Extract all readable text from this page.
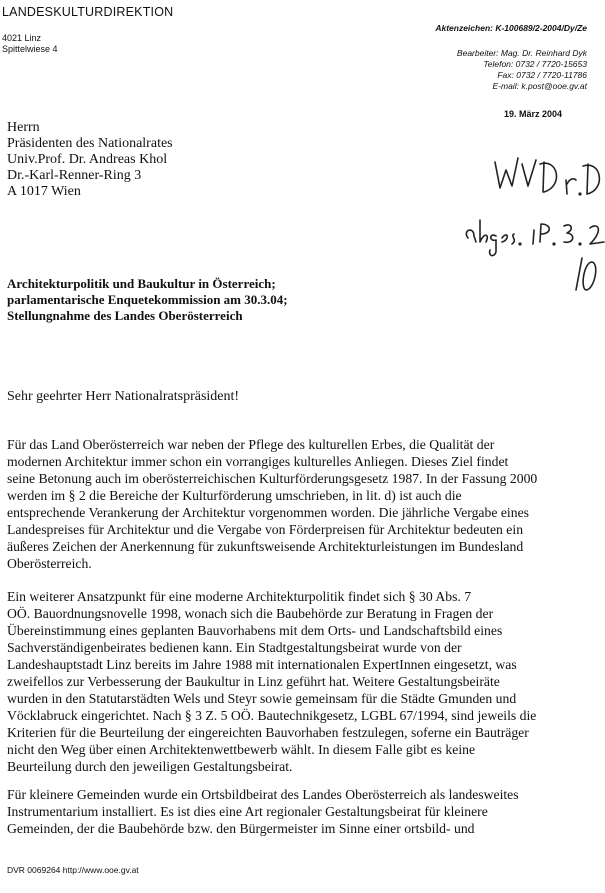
LANDESKULTURDIREKTION
4021 Linz
Spittelwiese 4
Aktenzeichen: K-100689/2-2004/Dy/Ze
Bearbeiter: Mag. Dr. Reinhard Dyk
Telefon: 0732 / 7720-15653
Fax: 0732 / 7720-11786
E-mail: k.post@ooe.gv.at
19. März 2004
Herrn
Präsidenten des Nationalrates
Univ.Prof. Dr. Andreas Khol
Dr.-Karl-Renner-Ring 3
A 1017 Wien
Architekturpolitik und Baukultur in Österreich;
parlamentarische Enquetekommission am 30.3.04;
Stellungnahme des Landes Oberösterreich
Sehr geehrter Herr Nationalratspräsident!
Für das Land Oberösterreich war neben der Pflege des kulturellen Erbes, die Qualität der
modernen Architektur immer schon ein vorrangiges kulturelles Anliegen. Dieses Ziel findet
seine Betonung auch im oberösterreichischen Kulturförderungsgesetz 1987. In der Fassung 2000
werden im § 2 die Bereiche der Kulturförderung umschrieben, in lit. d) ist auch die
entsprechende Verankerung der Architektur vorgenommen worden. Die jährliche Vergabe eines
Landespreises für Architektur und die Vergabe von Förderpreisen für Architektur bedeuten ein
äußeres Zeichen der Anerkennung für zukunftsweisende Architekturleistungen im Bundesland
Oberösterreich.
Ein weiterer Ansatzpunkt für eine moderne Architekturpolitik findet sich § 30 Abs. 7
OÖ. Bauordnungsnovelle 1998, wonach sich die Baubehörde zur Beratung in Fragen der
Übereinstimmung eines geplanten Bauvorhabens mit dem Orts- und Landschaftsbild eines
Sachverständigenbeirates bedienen kann. Ein Stadtgestaltungsbeirat wurde von der
Landeshauptstadt Linz bereits im Jahre 1988 mit internationalen ExpertInnen eingesetzt, was
zweifellos zur Verbesserung der Baukultur in Linz geführt hat. Weitere Gestaltungsbeiräte
wurden in den Statutarstädten Wels und Steyr sowie gemeinsam für die Städte Gmunden und
Vöcklabruck eingerichtet. Nach § 3 Z. 5 OÖ. Bautechnikgesetz, LGBL 67/1994, sind jeweils die
Kriterien für die Beurteilung der eingereichten Bauvorhaben festzulegen, soferne ein Bauträger
nicht den Weg über einen Architektenwettbewerb wählt. In diesem Falle gibt es keine
Beurteilung durch den jeweiligen Gestaltungsbeirat.
Für kleinere Gemeinden wurde ein Ortsbildbeirat des Landes Oberösterreich als landesweites
Instrumentarium installiert. Es ist dies eine Art regionaler Gestaltungsbeirat für kleinere
Gemeinden, der die Baubehörde bzw. den Bürgermeister im Sinne einer ortsbild- und
DVR 0069264 http://www.ooe.gv.at
